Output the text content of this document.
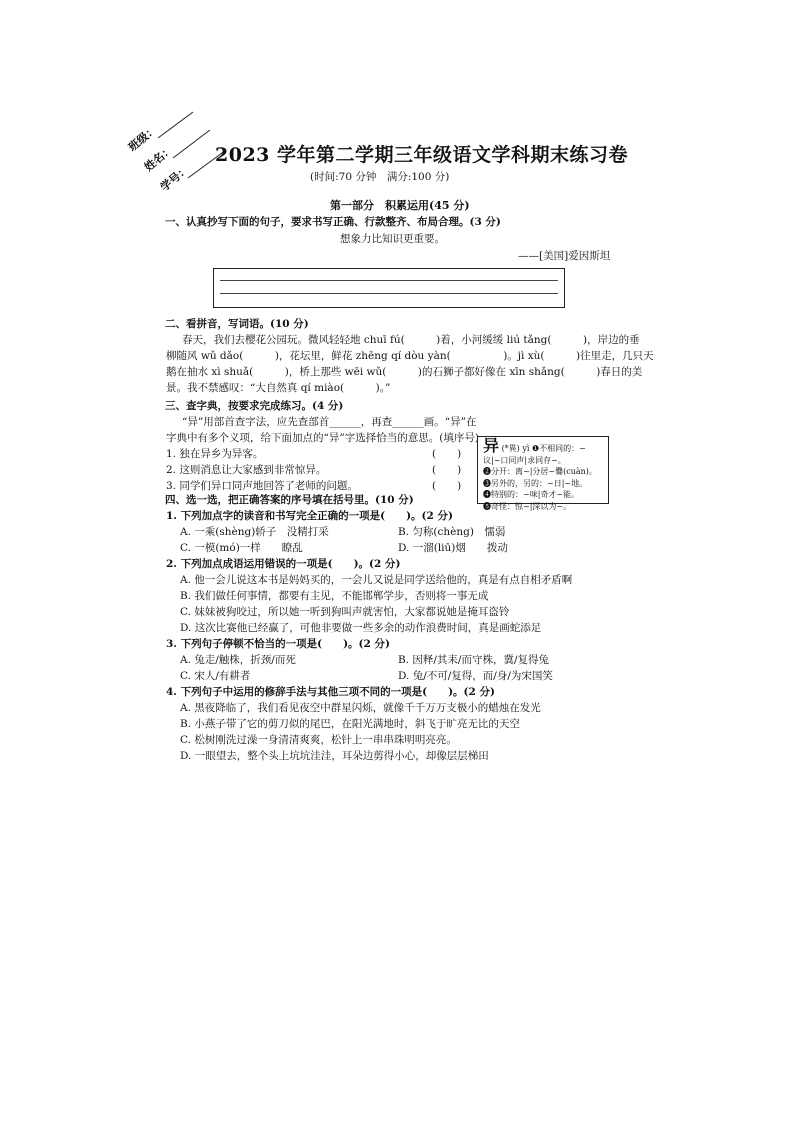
班级：
姓名：
学号：
2023 学年第二学期三年级语文学科期末练习卷
(时间:70 分钟　满分:100 分)
第一部分　积累运用(45 分)
一、认真抄写下面的句子，要求书写正确、行款整齐、布局合理。(3 分)
想象力比知识更重要。
——[美国]爱因斯坦
二、看拼音，写词语。(10 分)
春天，我们去樱花公园玩。微风轻轻地 chuī fú(　　　)着，小河缓缓 liú tǎng(　　　)，岸边的垂
柳随风 wǔ dǎo(　　　)，花坛里，鲜花 zhēng qí dòu yàn(　　　　　)。jì xù(　　　)往里走，几只天
鹅在抽水 xì shuǎ(　　　)，桥上那些 wēi wǔ(　　　)的石狮子都好像在 xīn shǎng(　　　)春日的美
景。我不禁感叹：“大自然真 qí miào(　　　)。”
三、查字典，按要求完成练习。(4 分)
“异”用部首查字法，应先查部首______，再查______画。“异”在
字典中有多个义项，给下面加点的“异”字选择恰当的意思。(填序号)
1. 独在异乡为异客。	(　　)
2. 这则消息让大家感到非常惊异。	(　　)
3. 同学们异口同声地回答了老师的问题。	(　　)
异 (*異) yì ❶不相同的：~议|~口同声|求同存~。
❷分开：离~|分居~爨(cuàn)。
❸另外的，另的：~日|~地。
❹特别的：~味|奇才~能。
❺奇怪：惊~|深以为~。
四、选一选，把正确答案的序号填在括号里。(10 分)
1. 下列加点字的读音和书写完全正确的一项是(　　)。(2 分)
A. 一乘(shèng)轿子　没精打采	B. 匀称(chèng)　懦弱
C. 一模(mó)一样　　瞭乱	D. 一溜(liū)烟　　拨动
2. 下列加点成语运用错误的一项是(　　)。(2 分)
A. 他一会儿说这本书是妈妈买的，一会儿又说是同学送给他的，真是有点自相矛盾啊
B. 我们做任何事情，都要有主见，不能邯郸学步，否则将一事无成
C. 妹妹被狗咬过，所以她一听到狗叫声就害怕，大家都说她是掩耳盗铃
D. 这次比赛他已经赢了，可他非要做一些多余的动作浪费时间，真是画蛇添足
3. 下列句子停顿不恰当的一项是(　　)。(2 分)
A. 兔走/触株，折颈/而死	B. 因释/其耒/而守株，冀/复得兔
C. 宋人/有耕者	D. 兔/不可/复得，而/身/为宋国笑
4. 下列句子中运用的修辞手法与其他三项不同的一项是(　　)。(2 分)
A. 黑夜降临了，我们看见夜空中群星闪烁，就像千千万万支极小的蜡烛在发光
B. 小燕子带了它的剪刀似的尾巴，在阳光满地时，斜飞于旷亮无比的天空
C. 松树刚洗过澡一身清清爽爽，松针上一串串珠明明亮亮。
D. 一眼望去，整个头上坑坑洼洼，耳朵边剪得小心，却像层层梯田
